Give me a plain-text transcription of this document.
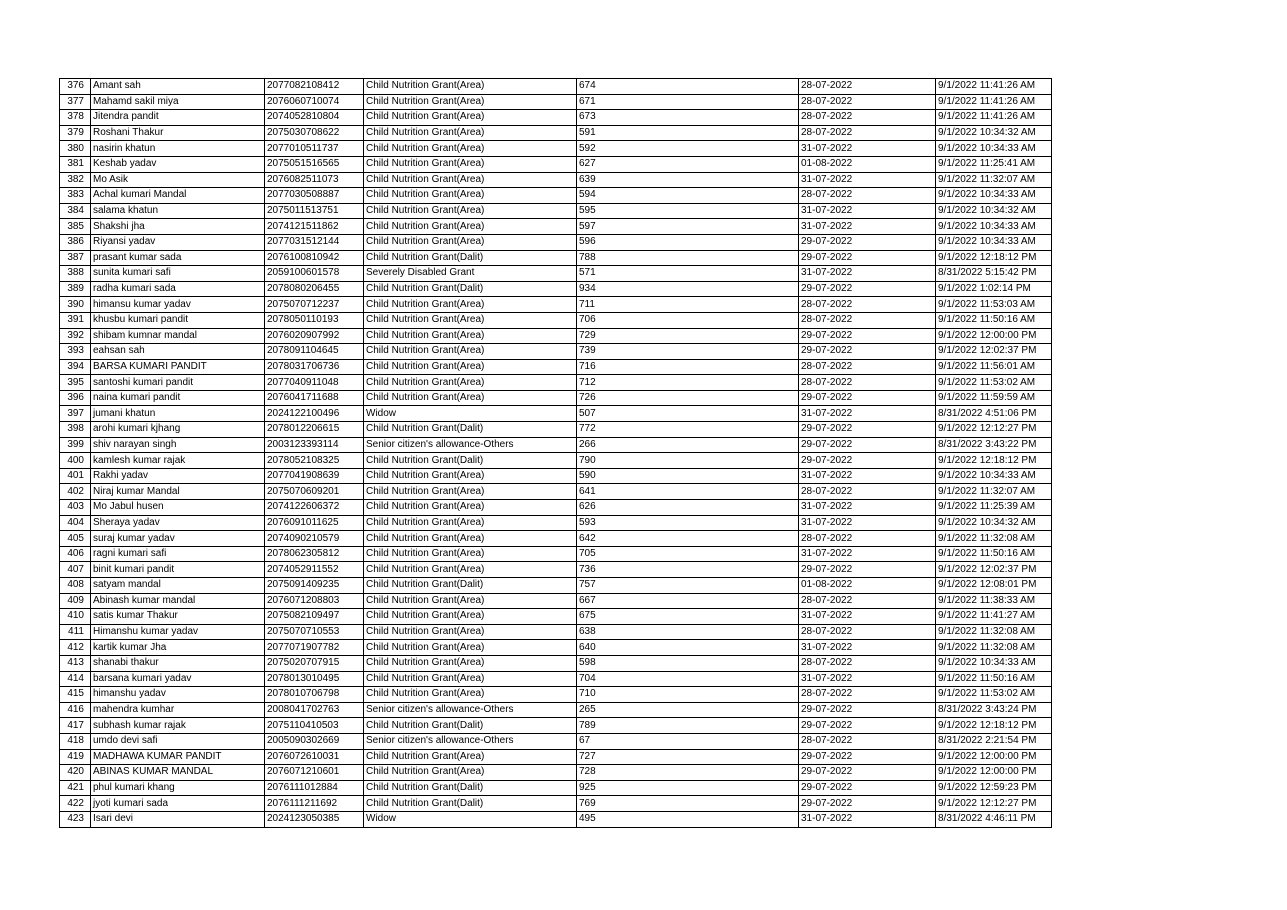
376	Amant sah	2077082108412	Child Nutrition Grant(Area)	674	28-07-2022	9/1/2022 11:41:26 AM
377	Mahamd sakil miya	2076060710074	Child Nutrition Grant(Area)	671	28-07-2022	9/1/2022 11:41:26 AM
378	Jitendra pandit	2074052810804	Child Nutrition Grant(Area)	673	28-07-2022	9/1/2022 11:41:26 AM
379	Roshani Thakur	2075030708622	Child Nutrition Grant(Area)	591	28-07-2022	9/1/2022 10:34:32 AM
380	nasirin khatun	2077010511737	Child Nutrition Grant(Area)	592	31-07-2022	9/1/2022 10:34:33 AM
381	Keshab yadav	2075051516565	Child Nutrition Grant(Area)	627	01-08-2022	9/1/2022 11:25:41 AM
382	Mo Asik	2076082511073	Child Nutrition Grant(Area)	639	31-07-2022	9/1/2022 11:32:07 AM
383	Achal kumari Mandal	2077030508887	Child Nutrition Grant(Area)	594	28-07-2022	9/1/2022 10:34:33 AM
384	salama khatun	2075011513751	Child Nutrition Grant(Area)	595	31-07-2022	9/1/2022 10:34:32 AM
385	Shakshi jha	2074121511862	Child Nutrition Grant(Area)	597	31-07-2022	9/1/2022 10:34:33 AM
386	Riyansi yadav	2077031512144	Child Nutrition Grant(Area)	596	29-07-2022	9/1/2022 10:34:33 AM
387	prasant kumar sada	2076100810942	Child Nutrition Grant(Dalit)	788	29-07-2022	9/1/2022 12:18:12 PM
388	sunita kumari safi	2059100601578	Severely Disabled Grant	571	31-07-2022	8/31/2022 5:15:42 PM
389	radha kumari sada	2078080206455	Child Nutrition Grant(Dalit)	934	29-07-2022	9/1/2022 1:02:14 PM
390	himansu kumar yadav	2075070712237	Child Nutrition Grant(Area)	711	28-07-2022	9/1/2022 11:53:03 AM
391	khusbu kumari pandit	2078050110193	Child Nutrition Grant(Area)	706	28-07-2022	9/1/2022 11:50:16 AM
392	shibam kumnar mandal	2076020907992	Child Nutrition Grant(Area)	729	29-07-2022	9/1/2022 12:00:00 PM
393	eahsan sah	2078091104645	Child Nutrition Grant(Area)	739	29-07-2022	9/1/2022 12:02:37 PM
394	BARSA KUMARI PANDIT	2078031706736	Child Nutrition Grant(Area)	716	28-07-2022	9/1/2022 11:56:01 AM
395	santoshi kumari pandit	2077040911048	Child Nutrition Grant(Area)	712	28-07-2022	9/1/2022 11:53:02 AM
396	naina kumari pandit	2076041711688	Child Nutrition Grant(Area)	726	29-07-2022	9/1/2022 11:59:59 AM
397	jumani khatun	2024122100496	Widow	507	31-07-2022	8/31/2022 4:51:06 PM
398	arohi kumari kjhang	2078012206615	Child Nutrition Grant(Dalit)	772	29-07-2022	9/1/2022 12:12:27 PM
399	shiv narayan singh	2003123393114	Senior citizen's allowance-Others	266	29-07-2022	8/31/2022 3:43:22 PM
400	kamlesh kumar rajak	2078052108325	Child Nutrition Grant(Dalit)	790	29-07-2022	9/1/2022 12:18:12 PM
401	Rakhi yadav	2077041908639	Child Nutrition Grant(Area)	590	31-07-2022	9/1/2022 10:34:33 AM
402	Niraj kumar Mandal	2075070609201	Child Nutrition Grant(Area)	641	28-07-2022	9/1/2022 11:32:07 AM
403	Mo Jabul husen	2074122606372	Child Nutrition Grant(Area)	626	31-07-2022	9/1/2022 11:25:39 AM
404	Sheraya yadav	2076091011625	Child Nutrition Grant(Area)	593	31-07-2022	9/1/2022 10:34:32 AM
405	suraj kumar yadav	2074090210579	Child Nutrition Grant(Area)	642	28-07-2022	9/1/2022 11:32:08 AM
406	ragni kumari safi	2078062305812	Child Nutrition Grant(Area)	705	31-07-2022	9/1/2022 11:50:16 AM
407	binit kumari pandit	2074052911552	Child Nutrition Grant(Area)	736	29-07-2022	9/1/2022 12:02:37 PM
408	satyam mandal	2075091409235	Child Nutrition Grant(Dalit)	757	01-08-2022	9/1/2022 12:08:01 PM
409	Abinash kumar mandal	2076071208803	Child Nutrition Grant(Area)	667	28-07-2022	9/1/2022 11:38:33 AM
410	satis kumar Thakur	2075082109497	Child Nutrition Grant(Area)	675	31-07-2022	9/1/2022 11:41:27 AM
411	Himanshu kumar yadav	2075070710553	Child Nutrition Grant(Area)	638	28-07-2022	9/1/2022 11:32:08 AM
412	kartik kumar Jha	2077071907782	Child Nutrition Grant(Area)	640	31-07-2022	9/1/2022 11:32:08 AM
413	shanabi thakur	2075020707915	Child Nutrition Grant(Area)	598	28-07-2022	9/1/2022 10:34:33 AM
414	barsana kumari yadav	2078013010495	Child Nutrition Grant(Area)	704	31-07-2022	9/1/2022 11:50:16 AM
415	himanshu yadav	2078010706798	Child Nutrition Grant(Area)	710	28-07-2022	9/1/2022 11:53:02 AM
416	mahendra kumhar	2008041702763	Senior citizen's allowance-Others	265	29-07-2022	8/31/2022 3:43:24 PM
417	subhash kumar rajak	2075110410503	Child Nutrition Grant(Dalit)	789	29-07-2022	9/1/2022 12:18:12 PM
418	umdo devi safi	2005090302669	Senior citizen's allowance-Others	67	28-07-2022	8/31/2022 2:21:54 PM
419	MADHAWA KUMAR PANDIT	2076072610031	Child Nutrition Grant(Area)	727	29-07-2022	9/1/2022 12:00:00 PM
420	ABINAS KUMAR MANDAL	2076071210601	Child Nutrition Grant(Area)	728	29-07-2022	9/1/2022 12:00:00 PM
421	phul kumari khang	2076111012884	Child Nutrition Grant(Dalit)	925	29-07-2022	9/1/2022 12:59:23 PM
422	jyoti kumari sada	2076111211692	Child Nutrition Grant(Dalit)	769	29-07-2022	9/1/2022 12:12:27 PM
423	Isari devi	2024123050385	Widow	495	31-07-2022	8/31/2022 4:46:11 PM
